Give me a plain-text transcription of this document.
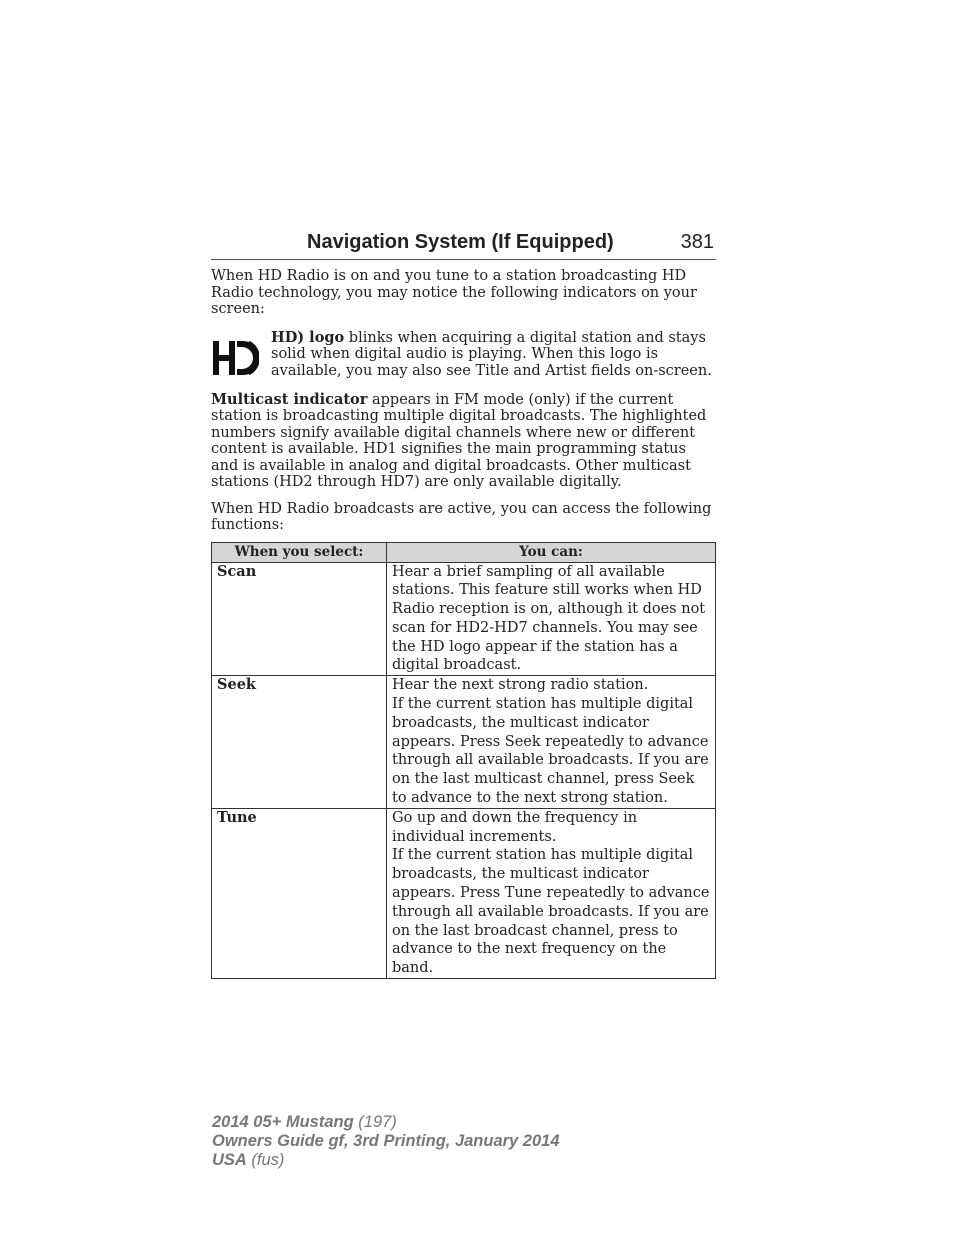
Navigation System (If Equipped)	381

When HD Radio is on and you tune to a station broadcasting HD Radio technology, you may notice the following indicators on your screen:

HD) logo blinks when acquiring a digital station and stays solid when digital audio is playing. When this logo is available, you may also see Title and Artist fields on-screen.

Multicast indicator appears in FM mode (only) if the current station is broadcasting multiple digital broadcasts. The highlighted numbers signify available digital channels where new or different content is available. HD1 signifies the main programming status and is available in analog and digital broadcasts. Other multicast stations (HD2 through HD7) are only available digitally.

When HD Radio broadcasts are active, you can access the following functions:

When you select:	You can:
Scan	Hear a brief sampling of all available stations. This feature still works when HD Radio reception is on, although it does not scan for HD2-HD7 channels. You may see the HD logo appear if the station has a digital broadcast.

Seek	Hear the next strong radio station.
If the current station has multiple digital broadcasts, the multicast indicator appears. Press Seek repeatedly to advance through all available broadcasts. If you are on the last multicast channel, press Seek to advance to the next strong station.

Tune	Go up and down the frequency in individual increments.
If the current station has multiple digital broadcasts, the multicast indicator appears. Press Tune repeatedly to advance through all available broadcasts. If you are on the last broadcast channel, press to advance to the next frequency on the band.
2014 05+ Mustang (197)
Owners Guide gf, 3rd Printing, January 2014
USA (fus)
